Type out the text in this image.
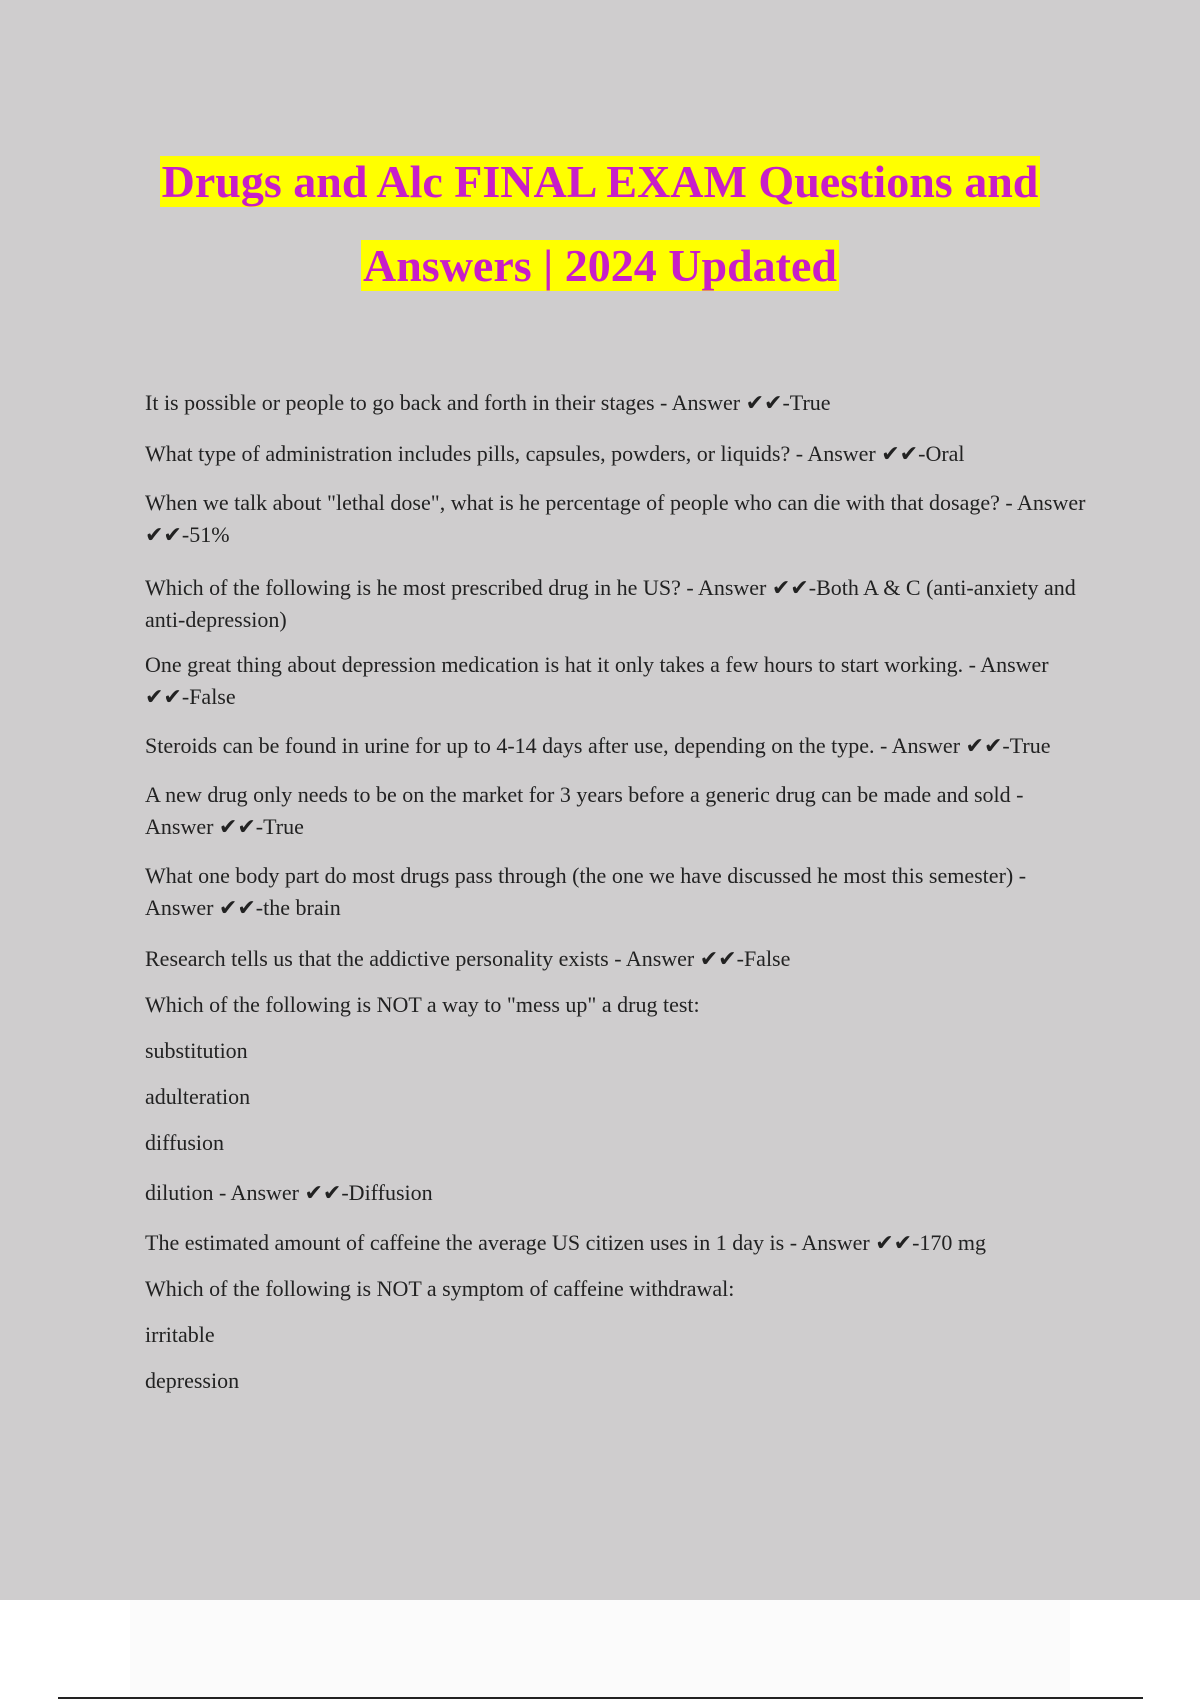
Drugs and Alc FINAL EXAM Questions and
Answers | 2024 Updated

It is possible or people to go back and forth in their stages - Answer ✔✔-True

What type of administration includes pills, capsules, powders, or liquids? - Answer ✔✔-Oral

When we talk about "lethal dose", what is he percentage of people who can die with that dosage? - Answer ✔✔-51%

Which of the following is he most prescribed drug in he US? - Answer ✔✔-Both A & C (anti-anxiety and anti-depression)

One great thing about depression medication is hat it only takes a few hours to start working. - Answer ✔✔-False

Steroids can be found in urine for up to 4-14 days after use, depending on the type. - Answer ✔✔-True

A new drug only needs to be on the market for 3 years before a generic drug can be made and sold - Answer ✔✔-True

What one body part do most drugs pass through (the one we have discussed he most this semester) - Answer ✔✔-the brain

Research tells us that the addictive personality exists - Answer ✔✔-False

Which of the following is NOT a way to "mess up" a drug test:

substitution

adulteration

diffusion

dilution - Answer ✔✔-Diffusion

The estimated amount of caffeine the average US citizen uses in 1 day is - Answer ✔✔-170 mg

Which of the following is NOT a symptom of caffeine withdrawal:

irritable

depression
